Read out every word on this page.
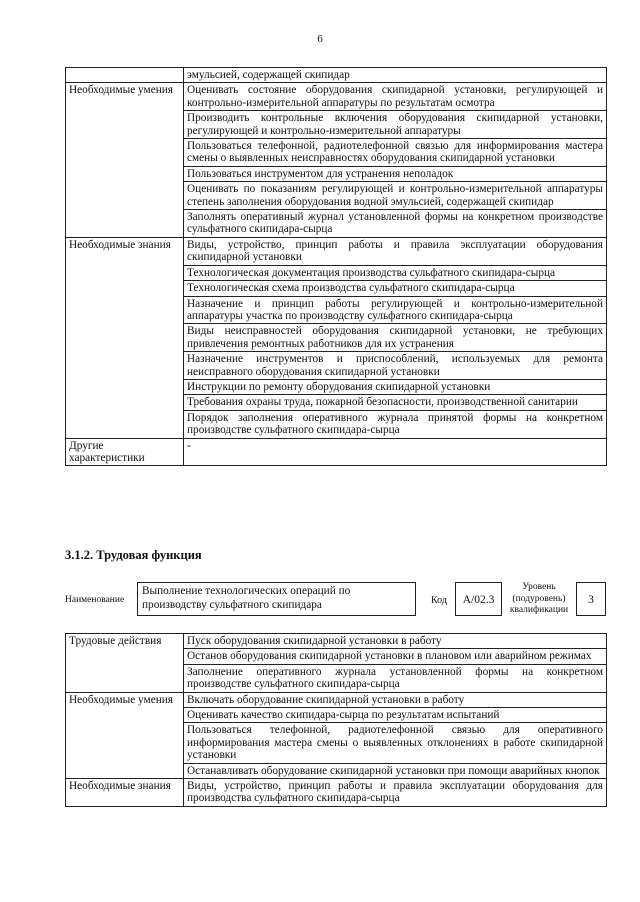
6
	эмульсией, содержащей скипидар
Необходимые умения	Оценивать состояние оборудования скипидарной установки, регулирующей и контрольно-измерительной аппаратуры по результатам осмотра
	Производить контрольные включения оборудования скипидарной установки, регулирующей и контрольно-измерительной аппаратуры
	Пользоваться телефонной, радиотелефонной связью для информирования мастера смены о выявленных неисправностях оборудования скипидарной установки
	Пользоваться инструментом для устранения неполадок
	Оценивать по показаниям регулирующей и контрольно-измерительной аппаратуры степень заполнения оборудования водной эмульсией, содержащей скипидар
	Заполнять оперативный журнал установленной формы на конкретном производстве сульфатного скипидара-сырца
Необходимые знания	Виды, устройство, принцип работы и правила эксплуатации оборудования скипидарной установки
	Технологическая документация производства сульфатного скипидара-сырца
	Технологическая схема производства сульфатного скипидара-сырца
	Назначение и принцип работы регулирующей и контрольно-измерительной аппаратуры участка по производству сульфатного скипидара-сырца
	Виды неисправностей оборудования скипидарной установки, не требующих привлечения ремонтных работников для их устранения
	Назначение инструментов и приспособлений, используемых для ремонта неисправного оборудования скипидарной установки
	Инструкции по ремонту оборудования скипидарной установки
	Требования охраны труда, пожарной безопасности, производственной санитарии
	Порядок заполнения оперативного журнала принятой формы на конкретном производстве сульфатного скипидара-сырца
Другие характеристики	-
3.1.2. Трудовая функция
Наименование
Выполнение технологических операций по производству сульфатного скипидара	Код	A/02.3
Уровень (подуровень) квалификации
3
Трудовые действия	Пуск оборудования скипидарной установки в работу
	Останов оборудования скипидарной установки в плановом или аварийном режимах
	Заполнение оперативного журнала установленной формы на конкретном производстве сульфатного скипидара-сырца
Необходимые умения	Включать оборудование скипидарной установки в работу
	Оценивать качество скипидара-сырца по результатам испытаний
	Пользоваться телефонной, радиотелефонной связью для оперативного информирования мастера смены о выявленных отклонениях в работе скипидарной установки
	Останавливать оборудование скипидарной установки при помощи аварийных кнопок
Необходимые знания	Виды, устройство, принцип работы и правила эксплуатации оборудования для производства сульфатного скипидара-сырца
